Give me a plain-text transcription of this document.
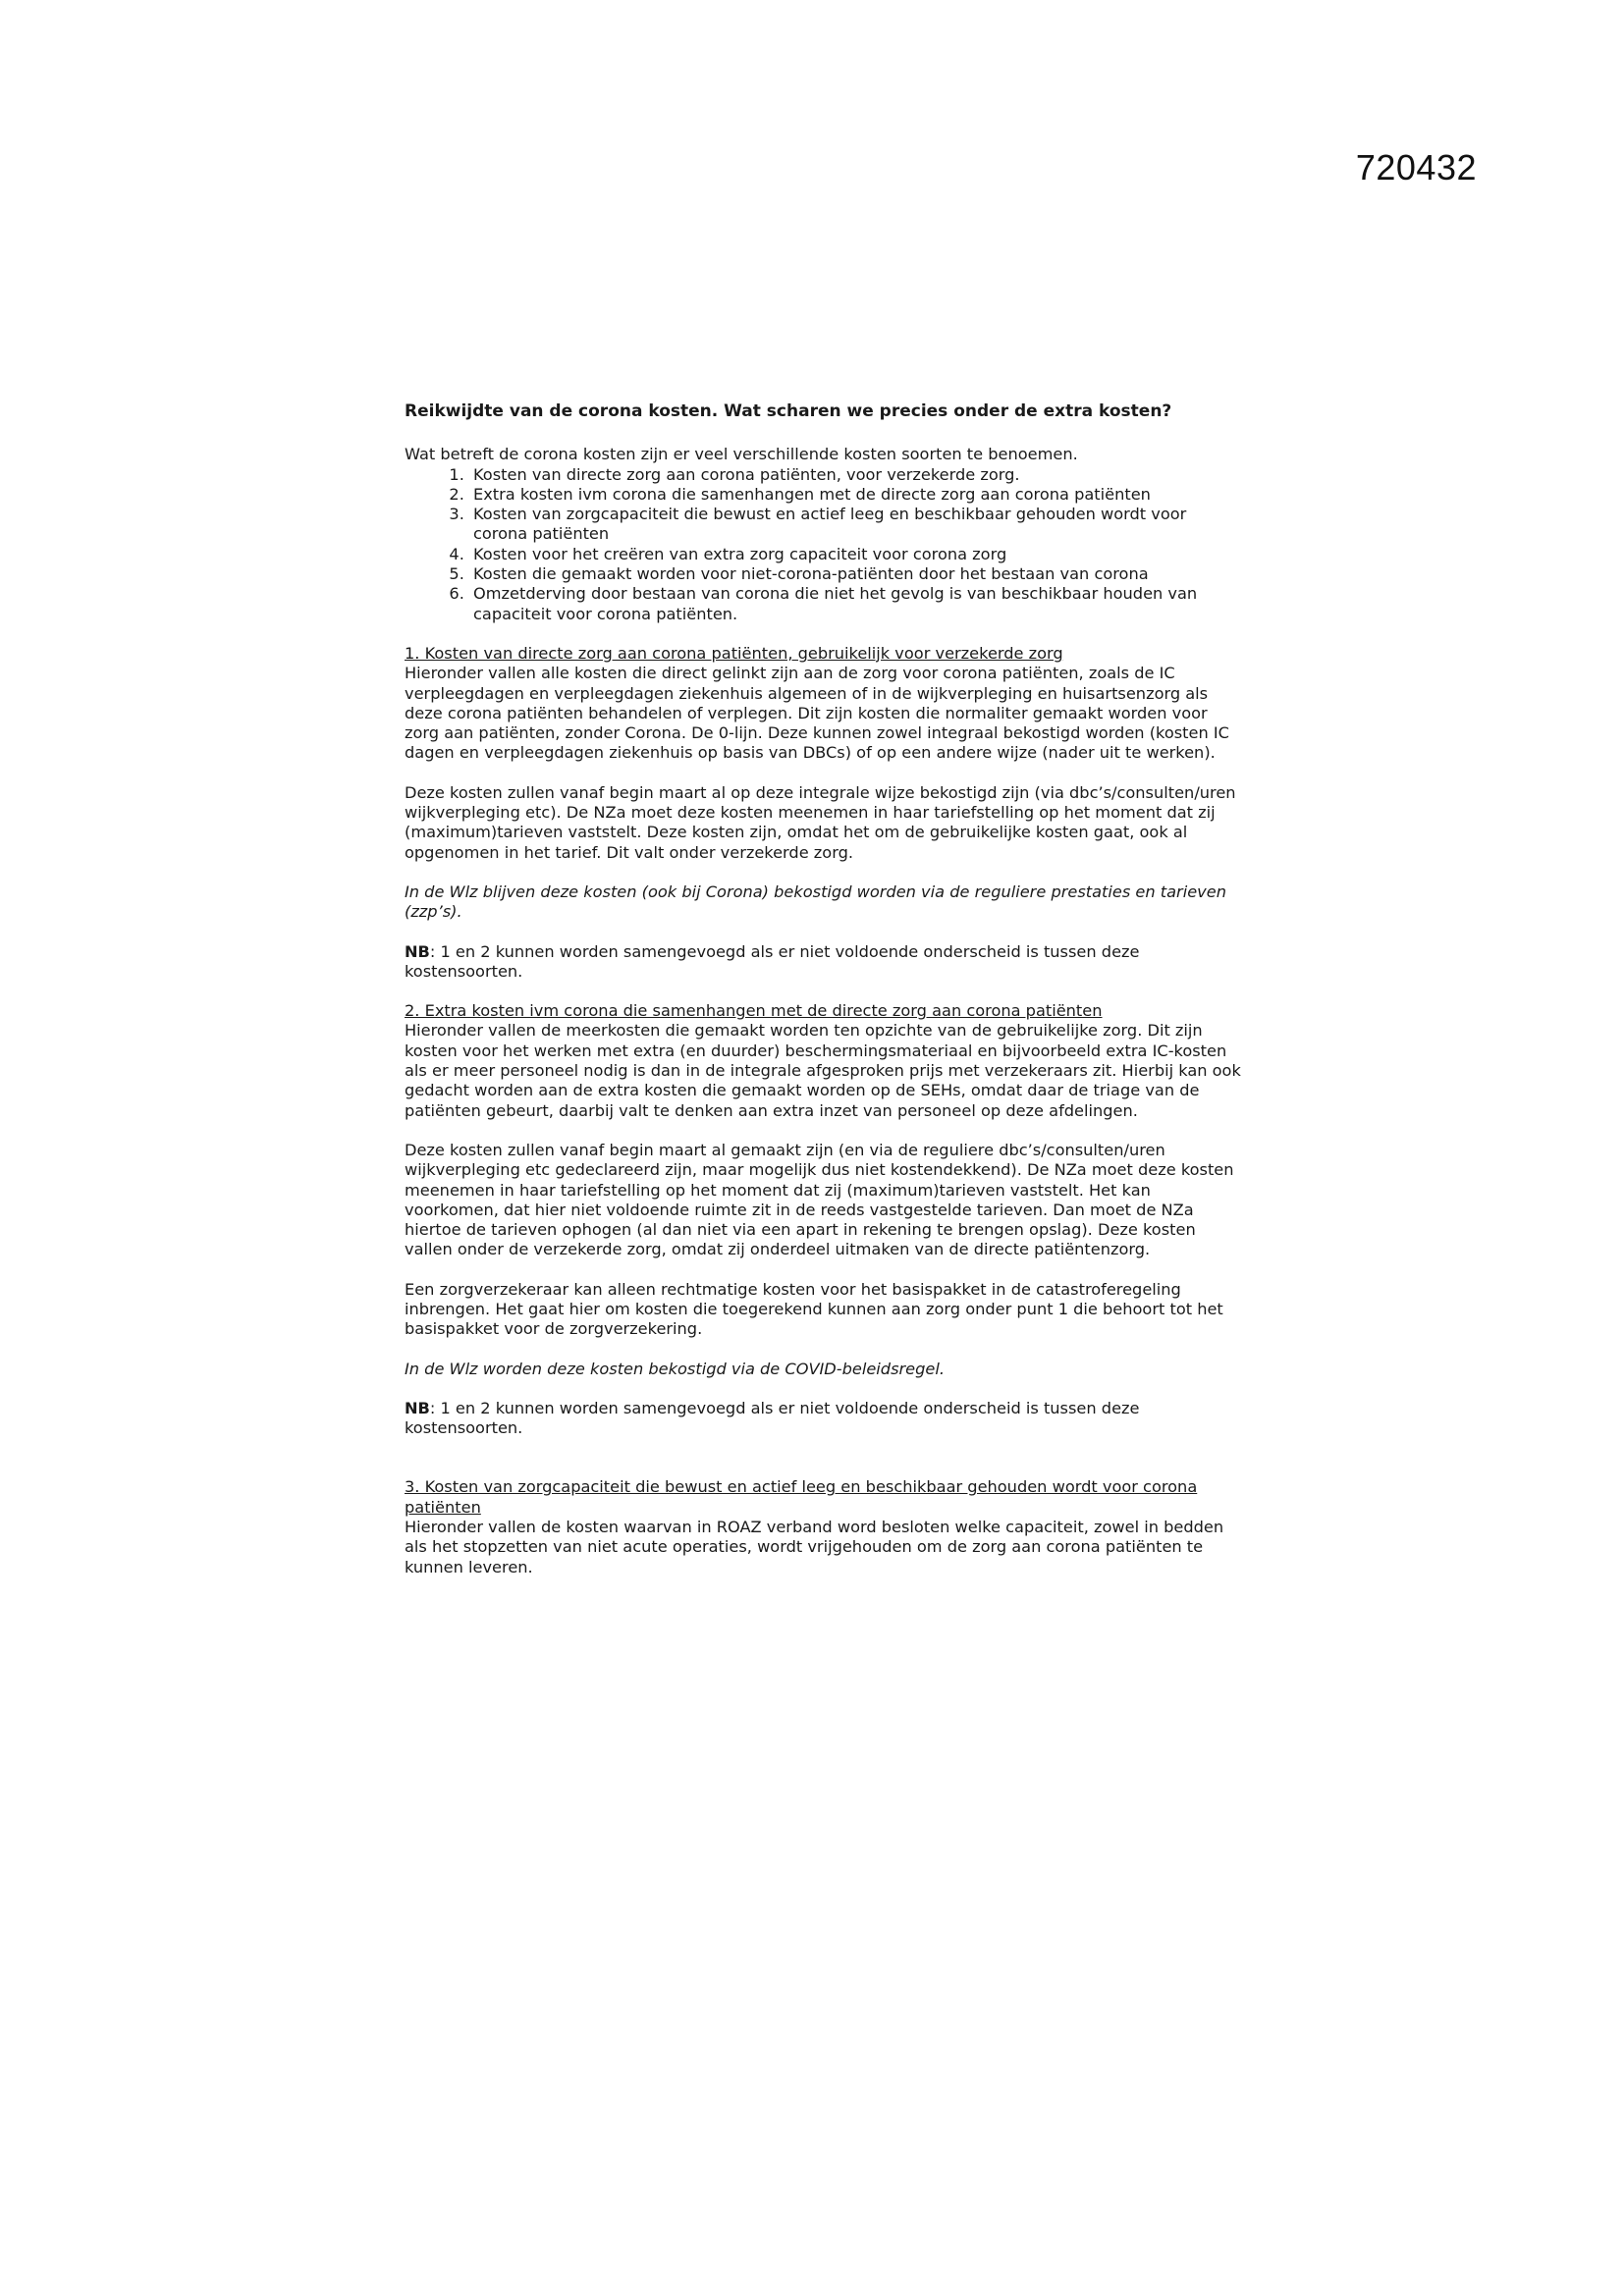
720432
Reikwijdte van de corona kosten. Wat scharen we precies onder de extra kosten?

Wat betreft de corona kosten zijn er veel verschillende kosten soorten te benoemen.

1. Kosten van directe zorg aan corona patiënten, voor verzekerde zorg.
2. Extra kosten ivm corona die samenhangen met de directe zorg aan corona patiënten
3. Kosten van zorgcapaciteit die bewust en actief leeg en beschikbaar gehouden wordt voor corona patiënten
4. Kosten voor het creëren van extra zorg capaciteit voor corona zorg
5. Kosten die gemaakt worden voor niet-corona-patiënten door het bestaan van corona
6. Omzetderving door bestaan van corona die niet het gevolg is van beschikbaar houden van capaciteit voor corona patiënten.
1. Kosten van directe zorg aan corona patiënten, gebruikelijk voor verzekerde zorg

Hieronder vallen alle kosten die direct gelinkt zijn aan de zorg voor corona patiënten, zoals de IC verpleegdagen en verpleegdagen ziekenhuis algemeen of in de wijkverpleging en huisartsenzorg als deze corona patiënten behandelen of verplegen. Dit zijn kosten die normaliter gemaakt worden voor zorg aan patiënten, zonder Corona. De 0-lijn. Deze kunnen zowel integraal bekostigd worden (kosten IC dagen en verpleegdagen ziekenhuis op basis van DBCs) of op een andere wijze (nader uit te werken).

Deze kosten zullen vanaf begin maart al op deze integrale wijze bekostigd zijn (via dbc’s/consulten/uren wijkverpleging etc). De NZa moet deze kosten meenemen in haar tariefstelling op het moment dat zij (maximum)tarieven vaststelt. Deze kosten zijn, omdat het om de gebruikelijke kosten gaat, ook al opgenomen in het tarief. Dit valt onder verzekerde zorg.

In de Wlz blijven deze kosten (ook bij Corona) bekostigd worden via de reguliere prestaties en tarieven (zzp’s).

NB: 1 en 2 kunnen worden samengevoegd als er niet voldoende onderscheid is tussen deze kostensoorten.

2. Extra kosten ivm corona die samenhangen met de directe zorg aan corona patiënten

Hieronder vallen de meerkosten die gemaakt worden ten opzichte van de gebruikelijke zorg. Dit zijn kosten voor het werken met extra (en duurder) beschermingsmateriaal en bijvoorbeeld extra IC-kosten als er meer personeel nodig is dan in de integrale afgesproken prijs met verzekeraars zit. Hierbij kan ook gedacht worden aan de extra kosten die gemaakt worden op de SEHs, omdat daar de triage van de patiënten gebeurt, daarbij valt te denken aan extra inzet van personeel op deze afdelingen.

Deze kosten zullen vanaf begin maart al gemaakt zijn (en via de reguliere dbc’s/consulten/uren wijkverpleging etc gedeclareerd zijn, maar mogelijk dus niet kostendekkend). De NZa moet deze kosten meenemen in haar tariefstelling op het moment dat zij (maximum)tarieven vaststelt. Het kan voorkomen, dat hier niet voldoende ruimte zit in de reeds vastgestelde tarieven. Dan moet de NZa hiertoe de tarieven ophogen (al dan niet via een apart in rekening te brengen opslag). Deze kosten vallen onder de verzekerde zorg, omdat zij onderdeel uitmaken van de directe patiëntenzorg.

Een zorgverzekeraar kan alleen rechtmatige kosten voor het basispakket in de catastroferegeling inbrengen. Het gaat hier om kosten die toegerekend kunnen aan zorg onder punt 1 die behoort tot het basispakket voor de zorgverzekering.

In de Wlz worden deze kosten bekostigd via de COVID-beleidsregel.

NB: 1 en 2 kunnen worden samengevoegd als er niet voldoende onderscheid is tussen deze kostensoorten.

3. Kosten van zorgcapaciteit die bewust en actief leeg en beschikbaar gehouden wordt voor corona patiënten

Hieronder vallen de kosten waarvan in ROAZ verband word besloten welke capaciteit, zowel in bedden als het stopzetten van niet acute operaties, wordt vrijgehouden om de zorg aan corona patiënten te kunnen leveren.
